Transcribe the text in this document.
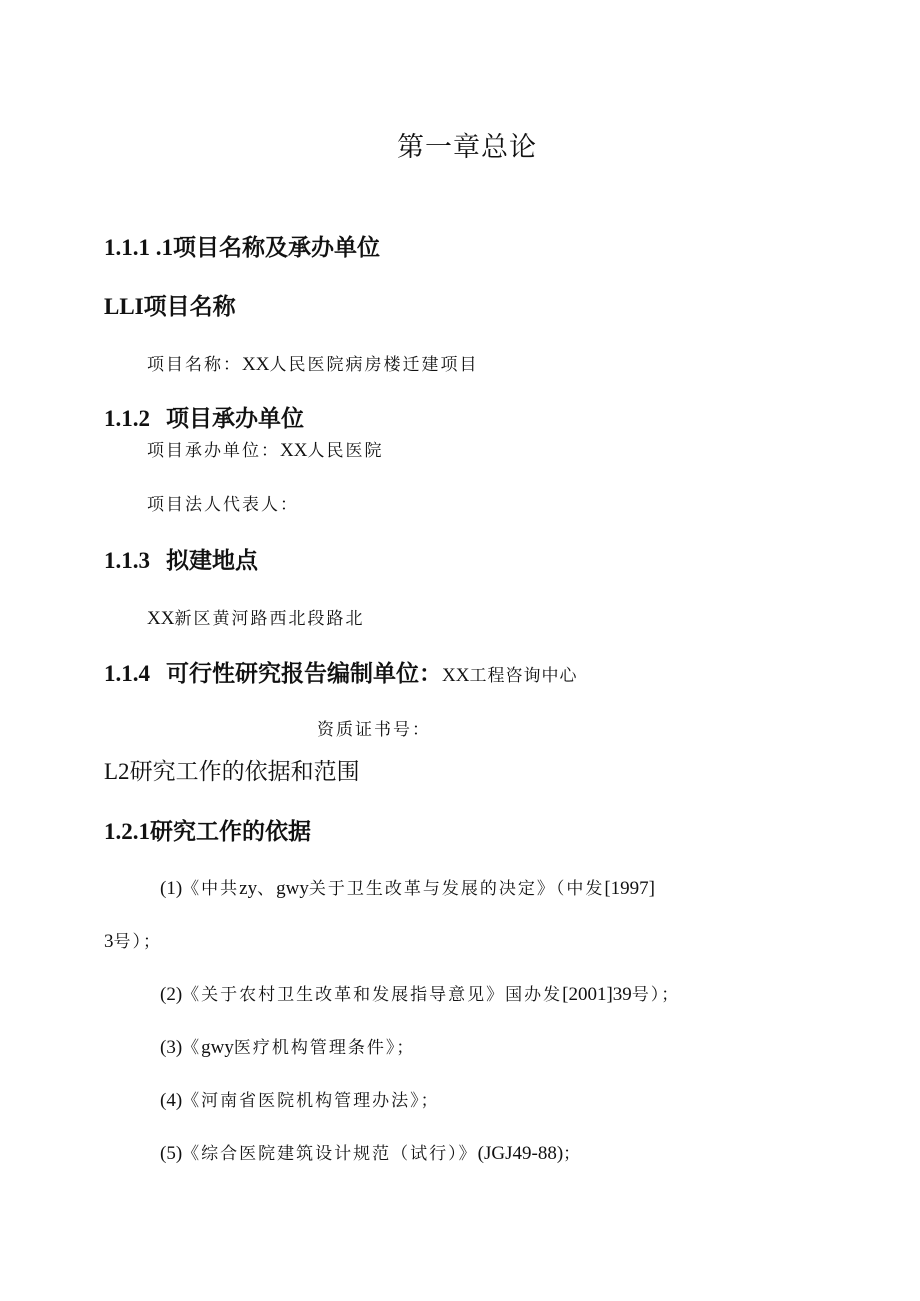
第一章总论
1.1.1 .1项目名称及承办单位
LLI项目名称
项目名称：XX人民医院病房楼迁建项目
1.1.2 项目承办单位
项目承办单位：XX人民医院
项目法人代表人：
1.1.3 拟建地点
XX新区黄河路西北段路北
1.1.4 可行性研究报告编制单位：XX工程咨询中心
资质证书号：
L2研究工作的依据和范围
1.2.1研究工作的依据
(1)《中共zy、gwy关于卫生改革与发展的决定》（中发[1997]
3号）；
(2)《关于农村卫生改革和发展指导意见》国办发[2001]39号）；
(3)《gwy医疗机构管理条件》；
(4)《河南省医院机构管理办法》；
(5)《综合医院建筑设计规范（试行）》(JGJ49-88)；
